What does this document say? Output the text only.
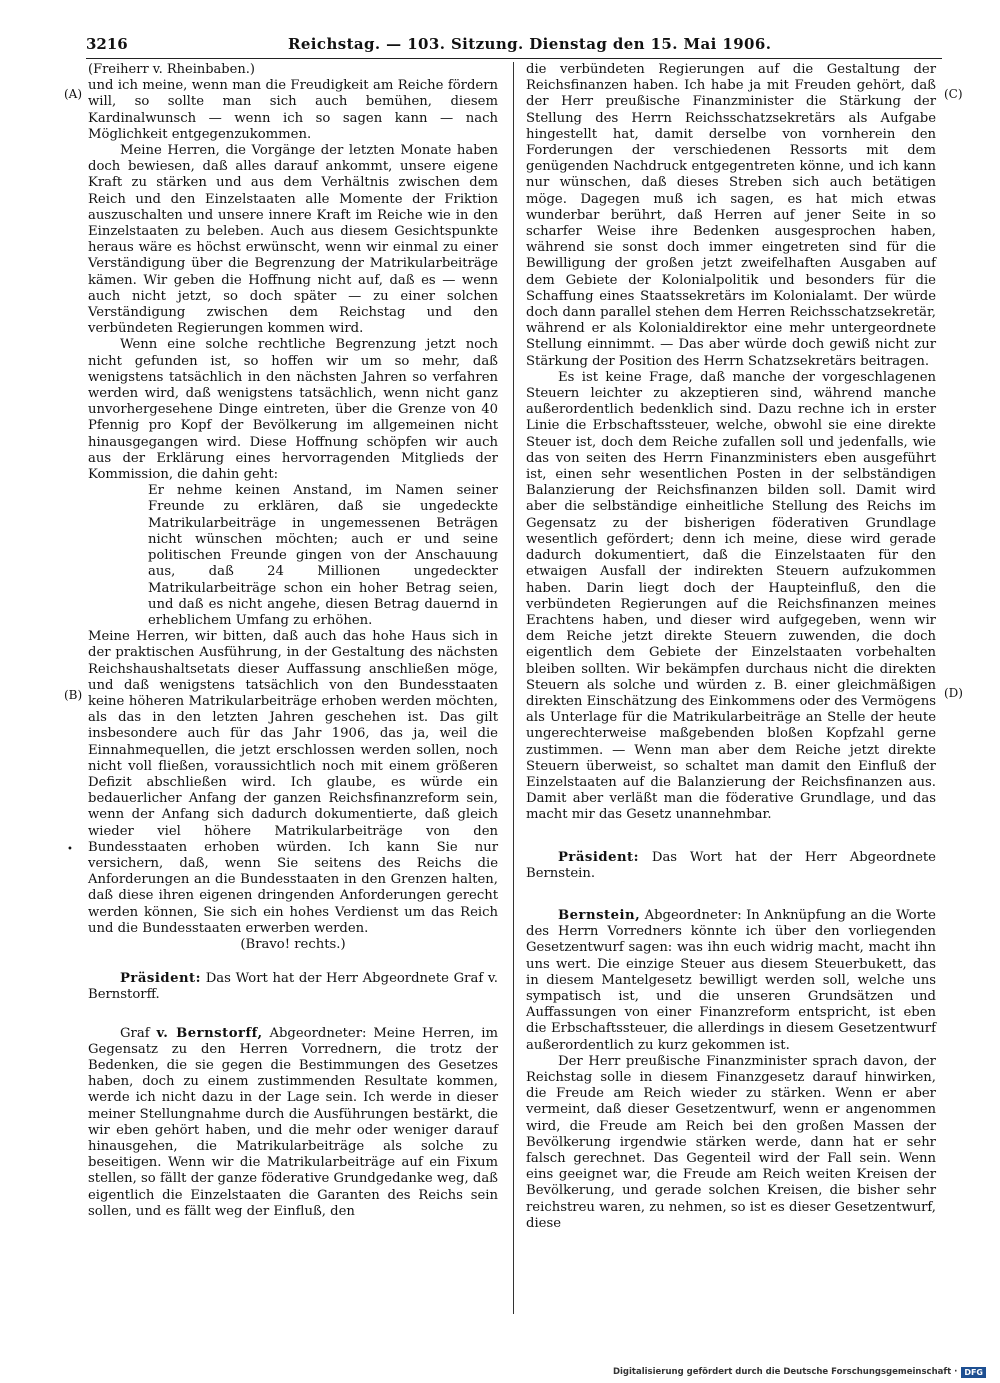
3216	Reichstag. — 103. Sitzung. Dienstag den 15. Mai 1906.
(A)
(B)
(C)
(D)
•

(Freiherr v. Rheinbaben.)

und ich meine, wenn man die Freudigkeit am Reiche fördern will, so sollte man sich auch bemühen, diesem Kardinalwunsch — wenn ich so sagen kann — nach Möglichkeit entgegenzukommen.

Meine Herren, die Vorgänge der letzten Monate haben doch bewiesen, daß alles darauf ankommt, unsere eigene Kraft zu stärken und aus dem Verhältnis zwischen dem Reich und den Einzelstaaten alle Momente der Friktion auszuschalten und unsere innere Kraft im Reiche wie in den Einzelstaaten zu beleben. Auch aus diesem Gesichtspunkte heraus wäre es höchst erwünscht, wenn wir einmal zu einer Verständigung über die Begrenzung der Matrikularbeiträge kämen. Wir geben die Hoffnung nicht auf, daß es — wenn auch nicht jetzt, so doch später — zu einer solchen Verständigung zwischen dem Reichstag und den verbündeten Regierungen kommen wird.

Wenn eine solche rechtliche Begrenzung jetzt noch nicht gefunden ist, so hoffen wir um so mehr, daß wenigstens tatsächlich in den nächsten Jahren so verfahren werden wird, daß wenigstens tatsächlich, wenn nicht ganz unvorhergesehene Dinge eintreten, über die Grenze von 40 Pfennig pro Kopf der Bevölkerung im allgemeinen nicht hinausgegangen wird. Diese Hoffnung schöpfen wir auch aus der Erklärung eines hervorragenden Mitglieds der Kommission, die dahin geht:

Er nehme keinen Anstand, im Namen seiner Freunde zu erklären, daß sie ungedeckte Matrikularbeiträge in ungemessenen Beträgen nicht wünschen möchten; auch er und seine politischen Freunde gingen von der Anschauung aus, daß 24 Millionen ungedeckter Matrikularbeiträge schon ein hoher Betrag seien, und daß es nicht angehe, diesen Betrag dauernd in erheblichem Umfang zu erhöhen.

Meine Herren, wir bitten, daß auch das hohe Haus sich in der praktischen Ausführung, in der Gestaltung des nächsten Reichshaushaltsetats dieser Auffassung anschließen möge, und daß wenigstens tatsächlich von den Bundesstaaten keine höheren Matrikularbeiträge erhoben werden möchten, als das in den letzten Jahren geschehen ist. Das gilt insbesondere auch für das Jahr 1906, das ja, weil die Einnahmequellen, die jetzt erschlossen werden sollen, noch nicht voll fließen, voraussichtlich noch mit einem größeren Defizit abschließen wird. Ich glaube, es würde ein bedauerlicher Anfang der ganzen Reichsfinanzreform sein, wenn der Anfang sich dadurch dokumentierte, daß gleich wieder viel höhere Matrikularbeiträge von den Bundesstaaten erhoben würden. Ich kann Sie nur versichern, daß, wenn Sie seitens des Reichs die Anforderungen an die Bundesstaaten in den Grenzen halten, daß diese ihren eigenen dringenden Anforderungen gerecht werden können, Sie sich ein hohes Verdienst um das Reich und die Bundesstaaten erwerben werden.

(Bravo! rechts.)

Präsident: Das Wort hat der Herr Abgeordnete Graf v. Bernstorff.

Graf v. Bernstorff, Abgeordneter: Meine Herren, im Gegensatz zu den Herren Vorrednern, die trotz der Bedenken, die sie gegen die Bestimmungen des Gesetzes haben, doch zu einem zustimmenden Resultate kommen, werde ich nicht dazu in der Lage sein. Ich werde in dieser meiner Stellungnahme durch die Ausführungen bestärkt, die wir eben gehört haben, und die mehr oder weniger darauf hinausgehen, die Matrikularbeiträge als solche zu beseitigen. Wenn wir die Matrikularbeiträge auf ein Fixum stellen, so fällt der ganze föderative Grundgedanke weg, daß eigentlich die Einzelstaaten die Garanten des Reichs sein sollen, und es fällt weg der Einfluß, den

die verbündeten Regierungen auf die Gestaltung der Reichsfinanzen haben. Ich habe ja mit Freuden gehört, daß der Herr preußische Finanzminister die Stärkung der Stellung des Herrn Reichsschatzsekretärs als Aufgabe hingestellt hat, damit derselbe von vornherein den Forderungen der verschiedenen Ressorts mit dem genügenden Nachdruck entgegentreten könne, und ich kann nur wünschen, daß dieses Streben sich auch betätigen möge. Dagegen muß ich sagen, es hat mich etwas wunderbar berührt, daß Herren auf jener Seite in so scharfer Weise ihre Bedenken ausgesprochen haben, während sie sonst doch immer eingetreten sind für die Bewilligung der großen jetzt zweifelhaften Ausgaben auf dem Gebiete der Kolonialpolitik und besonders für die Schaffung eines Staatssekretärs im Kolonialamt. Der würde doch dann parallel stehen dem Herren Reichsschatzsekretär, während er als Kolonialdirektor eine mehr untergeordnete Stellung einnimmt. — Das aber würde doch gewiß nicht zur Stärkung der Position des Herrn Schatzsekretärs beitragen.

Es ist keine Frage, daß manche der vorgeschlagenen Steuern leichter zu akzeptieren sind, während manche außerordentlich bedenklich sind. Dazu rechne ich in erster Linie die Erbschaftssteuer, welche, obwohl sie eine direkte Steuer ist, doch dem Reiche zufallen soll und jedenfalls, wie das von seiten des Herrn Finanzministers eben ausgeführt ist, einen sehr wesentlichen Posten in der selbständigen Balanzierung der Reichsfinanzen bilden soll. Damit wird aber die selbständige einheitliche Stellung des Reichs im Gegensatz zu der bisherigen föderativen Grundlage wesentlich gefördert; denn ich meine, diese wird gerade dadurch dokumentiert, daß die Einzelstaaten für den etwaigen Ausfall der indirekten Steuern aufzukommen haben. Darin liegt doch der Haupteinfluß, den die verbündeten Regierungen auf die Reichsfinanzen meines Erachtens haben, und dieser wird aufgegeben, wenn wir dem Reiche jetzt direkte Steuern zuwenden, die doch eigentlich dem Gebiete der Einzelstaaten vorbehalten bleiben sollten. Wir bekämpfen durchaus nicht die direkten Steuern als solche und würden z. B. einer gleichmäßigen direkten Einschätzung des Einkommens oder des Vermögens als Unterlage für die Matrikularbeiträge an Stelle der heute ungerechterweise maßgebenden bloßen Kopfzahl gerne zustimmen. — Wenn man aber dem Reiche jetzt direkte Steuern überweist, so schaltet man damit den Einfluß der Einzelstaaten auf die Balanzierung der Reichsfinanzen aus. Damit aber verläßt man die föderative Grundlage, und das macht mir das Gesetz unannehmbar.

Präsident: Das Wort hat der Herr Abgeordnete Bernstein.

Bernstein, Abgeordneter: In Anknüpfung an die Worte des Herrn Vorredners könnte ich über den vorliegenden Gesetzentwurf sagen: was ihn euch widrig macht, macht ihn uns wert. Die einzige Steuer aus diesem Steuerbukett, das in diesem Mantelgesetz bewilligt werden soll, welche uns sympatisch ist, und die unseren Grundsätzen und Auffassungen von einer Finanzreform entspricht, ist eben die Erbschaftssteuer, die allerdings in diesem Gesetzentwurf außerordentlich zu kurz gekommen ist.

Der Herr preußische Finanzminister sprach davon, der Reichstag solle in diesem Finanzgesetz darauf hinwirken, die Freude am Reich wieder zu stärken. Wenn er aber vermeint, daß dieser Gesetzentwurf, wenn er angenommen wird, die Freude am Reich bei den großen Massen der Bevölkerung irgendwie stärken werde, dann hat er sehr falsch gerechnet. Das Gegenteil wird der Fall sein. Wenn eins geeignet war, die Freude am Reich weiten Kreisen der Bevölkerung, und gerade solchen Kreisen, die bisher sehr reichstreu waren, zu nehmen, so ist es dieser Gesetzentwurf, diese

Digitalisierung gefördert durch die Deutsche Forschungsgemeinschaft · DFG
